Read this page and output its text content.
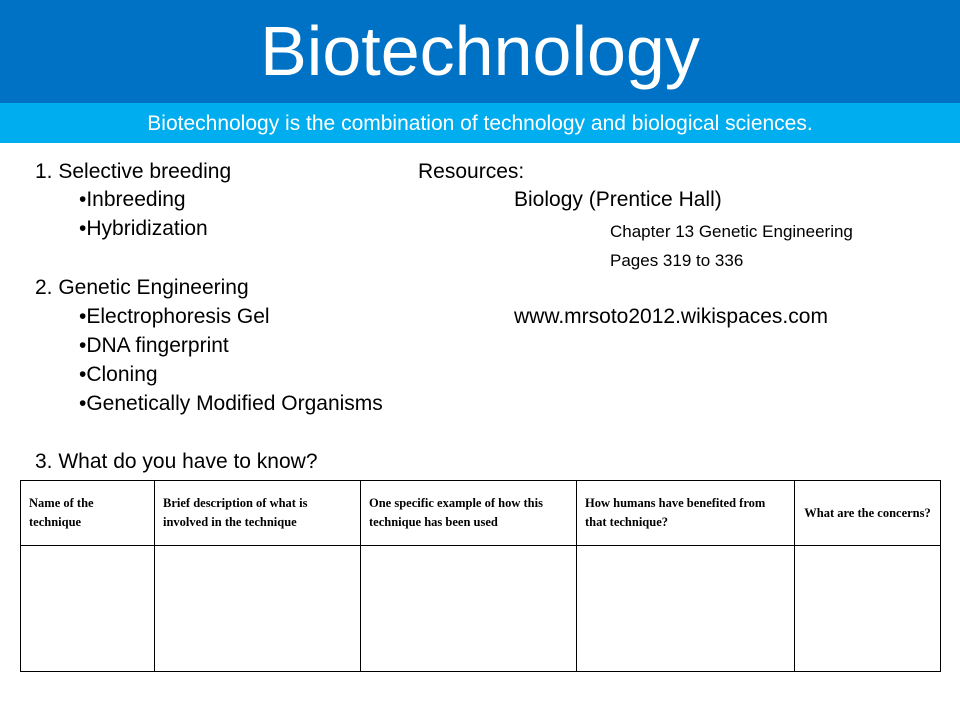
Biotechnology
Biotechnology is the combination of technology and biological sciences.
1. Selective breeding
•Inbreeding
•Hybridization
2. Genetic Engineering
•Electrophoresis Gel
•DNA fingerprint
•Cloning
•Genetically Modified Organisms
3. What do you have to know?
Resources:
Biology (Prentice Hall)
Chapter 13 Genetic Engineering
Pages 319 to 336
www.mrsoto2012.wikispaces.com
Name of the technique	Brief description of what is involved in the technique	One specific example of how this technique has been used	How humans have benefited from that technique?	What are the concerns?
